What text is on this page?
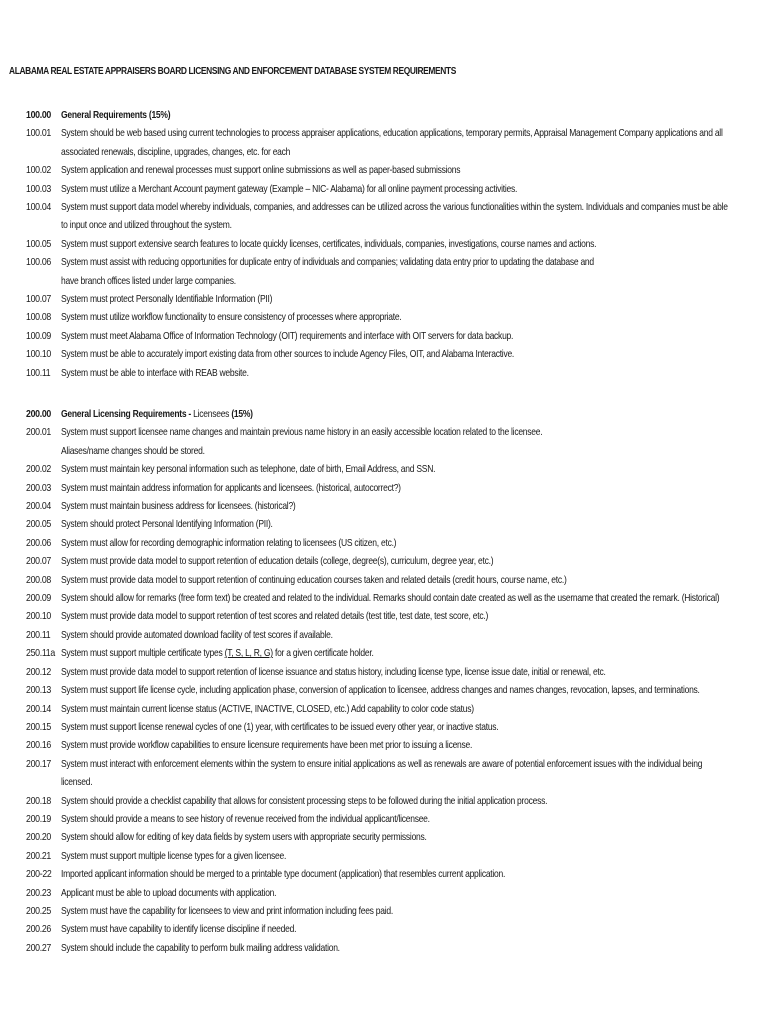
ALABAMA REAL ESTATE APPRAISERS BOARD LICENSING AND ENFORCEMENT DATABASE SYSTEM REQUIREMENTS
100.00 General Requirements (15%)
100.01 System should be web based using current technologies to process appraiser applications, education applications, temporary permits, Appraisal Management Company applications and all
associated renewals, discipline, upgrades, changes, etc. for each
100.02 System application and renewal processes must support online submissions as well as paper-based submissions
100.03 System must utilize a Merchant Account payment gateway (Example – NIC- Alabama) for all online payment processing activities.
100.04 System must support data model whereby individuals, companies, and addresses can be utilized across the various functionalities within the system. Individuals and companies must be able
to input once and utilized throughout the system.
100.05 System must support extensive search features to locate quickly licenses, certificates, individuals, companies, investigations, course names and actions.
100.06 System must assist with reducing opportunities for duplicate entry of individuals and companies; validating data entry prior to updating the database and
have branch offices listed under large companies.
100.07 System must protect Personally Identifiable Information (PII)
100.08 System must utilize workflow functionality to ensure consistency of processes where appropriate.
100.09 System must meet Alabama Office of Information Technology (OIT) requirements and interface with OIT servers for data backup.
100.10 System must be able to accurately import existing data from other sources to include Agency Files, OIT, and Alabama Interactive.
100.11	System must be able to interface with REAB website.
200.00 General Licensing Requirements - Licensees (15%)
200.01 System must support licensee name changes and maintain previous name history in an easily accessible location related to the licensee.
Aliases/name changes should be stored.
200.02 System must maintain key personal information such as telephone, date of birth, Email Address, and SSN.
200.03 System must maintain address information for applicants and licensees. (historical, autocorrect?)
200.04 System must maintain business address for licensees. (historical?)
200.05 System should protect Personal Identifying Information (PII).
200.06 System must allow for recording demographic information relating to licensees (US citizen, etc.)
200.07 System must provide data model to support retention of education details (college, degree(s), curriculum, degree year, etc.)
200.08 System must provide data model to support retention of continuing education courses taken and related details (credit hours, course name, etc.)
200.09 System should allow for remarks (free form text) be created and related to the individual. Remarks should contain date created as well as the username that created the remark. (Historical)
200.10 System must provide data model to support retention of test scores and related details (test title, test date, test score, etc.)
200.11	System should provide automated download facility of test scores if available.
250.11a System must support multiple certificate types (T, S, L, R, G) for a given certificate holder.
200.12 System must provide data model to support retention of license issuance and status history, including license type, license issue date, initial or renewal, etc.
200.13 System must support life license cycle, including application phase, conversion of application to licensee, address changes and names changes, revocation, lapses, and terminations.
200.14 System must maintain current license status (ACTIVE, INACTIVE, CLOSED, etc.) Add capability to color code status)
200.15 System must support license renewal cycles of one (1) year, with certificates to be issued every other year, or inactive status.
200.16 System must provide workflow capabilities to ensure licensure requirements have been met prior to issuing a license.
200.17 System must interact with enforcement elements within the system to ensure initial applications as well as renewals are aware of potential enforcement issues with the individual being
licensed.
200.18 System should provide a checklist capability that allows for consistent processing steps to be followed during the initial application process.
200.19 System should provide a means to see history of revenue received from the individual applicant/licensee.
200.20 System should allow for editing of key data fields by system users with appropriate security permissions.
200.21 System must support multiple license types for a given licensee.
200-22 Imported applicant information should be merged to a printable type document (application) that resembles current application.
200.23 Applicant must be able to upload documents with application.
200.25 System must have the capability for licensees to view and print information including fees paid.
200.26 System must have capability to identify license discipline if needed.
200.27 System should include the capability to perform bulk mailing address validation.
